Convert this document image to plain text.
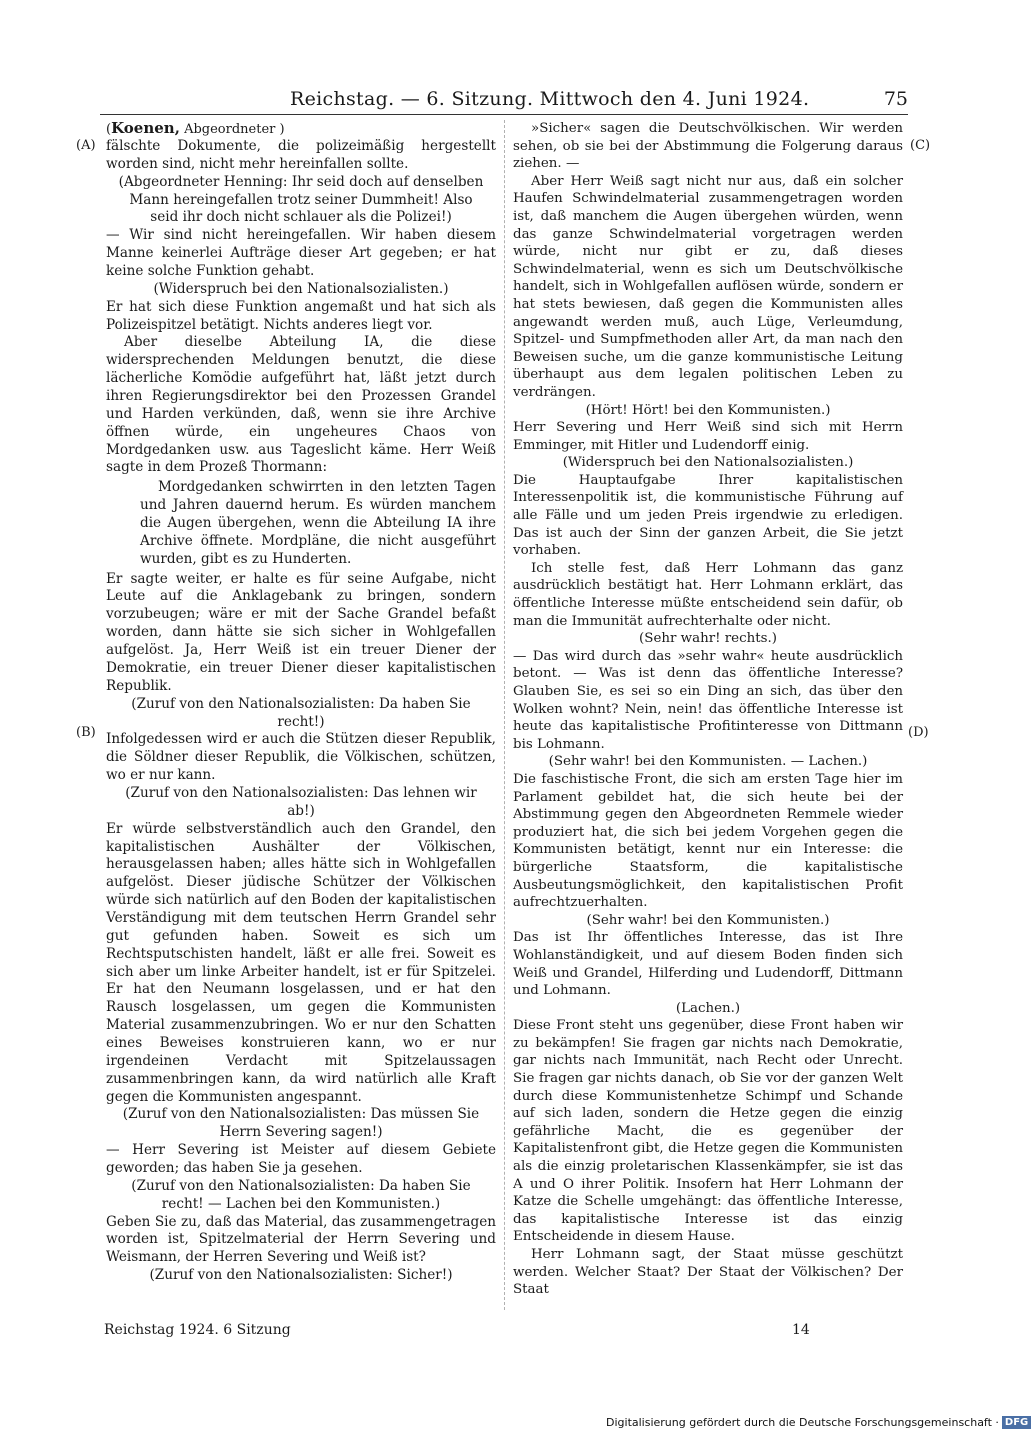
Reichstag. — 6. Sitzung. Mittwoch den 4. Juni 1924.	75
(A)
(B)
(C)
(D)

(Koenen, Abgeordneter )

fälschte Dokumente, die polizeimäßig hergestellt worden sind, nicht mehr hereinfallen sollte.

(Abgeordneter Henning: Ihr seid doch auf denselben Mann hereingefallen trotz seiner Dummheit! Also seid ihr doch nicht schlauer als die Polizei!)

— Wir sind nicht hereingefallen. Wir haben diesem Manne keinerlei Aufträge dieser Art gegeben; er hat keine solche Funktion gehabt.

(Widerspruch bei den Nationalsozialisten.)

Er hat sich diese Funktion angemaßt und hat sich als Polizeispitzel betätigt. Nichts anderes liegt vor.

Aber dieselbe Abteilung IA, die diese widersprechenden Meldungen benutzt, die diese lächerliche Komödie aufgeführt hat, läßt jetzt durch ihren Regierungsdirektor bei den Prozessen Grandel und Harden verkünden, daß, wenn sie ihre Archive öffnen würde, ein ungeheures Chaos von Mordgedanken usw. aus Tageslicht käme. Herr Weiß sagte in dem Prozeß Thormann:

Mordgedanken schwirrten in den letzten Tagen und Jahren dauernd herum. Es würden manchem die Augen übergehen, wenn die Abteilung IA ihre Archive öffnete. Mordpläne, die nicht ausgeführt wurden, gibt es zu Hunderten.

Er sagte weiter, er halte es für seine Aufgabe, nicht Leute auf die Anklagebank zu bringen, sondern vorzubeugen; wäre er mit der Sache Grandel befaßt worden, dann hätte sie sich sicher in Wohlgefallen aufgelöst. Ja, Herr Weiß ist ein treuer Diener der Demokratie, ein treuer Diener dieser kapitalistischen Republik.

(Zuruf von den Nationalsozialisten: Da haben Sie recht!)

Infolgedessen wird er auch die Stützen dieser Republik, die Söldner dieser Republik, die Völkischen, schützen, wo er nur kann.

(Zuruf von den Nationalsozialisten: Das lehnen wir ab!)

Er würde selbstverständlich auch den Grandel, den kapitalistischen Aushälter der Völkischen, herausgelassen haben; alles hätte sich in Wohlgefallen aufgelöst. Dieser jüdische Schützer der Völkischen würde sich natürlich auf den Boden der kapitalistischen Verständigung mit dem teutschen Herrn Grandel sehr gut gefunden haben. Soweit es sich um Rechtsputschisten handelt, läßt er alle frei. Soweit es sich aber um linke Arbeiter handelt, ist er für Spitzelei. Er hat den Neumann losgelassen, und er hat den Rausch losgelassen, um gegen die Kommunisten Material zusammenzubringen. Wo er nur den Schatten eines Beweises konstruieren kann, wo er nur irgendeinen Verdacht mit Spitzelaussagen zusammenbringen kann, da wird natürlich alle Kraft gegen die Kommunisten angespannt.

(Zuruf von den Nationalsozialisten: Das müssen Sie Herrn Severing sagen!)

— Herr Severing ist Meister auf diesem Gebiete geworden; das haben Sie ja gesehen.

(Zuruf von den Nationalsozialisten: Da haben Sie recht! — Lachen bei den Kommunisten.)

Geben Sie zu, daß das Material, das zusammengetragen worden ist, Spitzelmaterial der Herrn Severing und Weismann, der Herren Severing und Weiß ist?

(Zuruf von den Nationalsozialisten: Sicher!)

»Sicher« sagen die Deutschvölkischen. Wir werden sehen, ob sie bei der Abstimmung die Folgerung daraus ziehen. —

Aber Herr Weiß sagt nicht nur aus, daß ein solcher Haufen Schwindelmaterial zusammengetragen worden ist, daß manchem die Augen übergehen würden, wenn das ganze Schwindelmaterial vorgetragen werden würde, nicht nur gibt er zu, daß dieses Schwindelmaterial, wenn es sich um Deutschvölkische handelt, sich in Wohlgefallen auflösen würde, sondern er hat stets bewiesen, daß gegen die Kommunisten alles angewandt werden muß, auch Lüge, Verleumdung, Spitzel- und Sumpfmethoden aller Art, da man nach den Beweisen suche, um die ganze kommunistische Leitung überhaupt aus dem legalen politischen Leben zu verdrängen.

(Hört! Hört! bei den Kommunisten.)

Herr Severing und Herr Weiß sind sich mit Herrn Emminger, mit Hitler und Ludendorff einig.

(Widerspruch bei den Nationalsozialisten.)

Die Hauptaufgabe Ihrer kapitalistischen Interessenpolitik ist, die kommunistische Führung auf alle Fälle und um jeden Preis irgendwie zu erledigen. Das ist auch der Sinn der ganzen Arbeit, die Sie jetzt vorhaben.

Ich stelle fest, daß Herr Lohmann das ganz ausdrücklich bestätigt hat. Herr Lohmann erklärt, das öffentliche Interesse müßte entscheidend sein dafür, ob man die Immunität aufrechterhalte oder nicht.

(Sehr wahr! rechts.)

— Das wird durch das »sehr wahr« heute ausdrücklich betont. — Was ist denn das öffentliche Interesse? Glauben Sie, es sei so ein Ding an sich, das über den Wolken wohnt? Nein, nein! das öffentliche Interesse ist heute das kapitalistische Profitinteresse von Dittmann bis Lohmann.

(Sehr wahr! bei den Kommunisten. — Lachen.)

Die faschistische Front, die sich am ersten Tage hier im Parlament gebildet hat, die sich heute bei der Abstimmung gegen den Abgeordneten Remmele wieder produziert hat, die sich bei jedem Vorgehen gegen die Kommunisten betätigt, kennt nur ein Interesse: die bürgerliche Staatsform, die kapitalistische Ausbeutungsmöglichkeit, den kapitalistischen Profit aufrechtzuerhalten.

(Sehr wahr! bei den Kommunisten.)

Das ist Ihr öffentliches Interesse, das ist Ihre Wohlanständigkeit, und auf diesem Boden finden sich Weiß und Grandel, Hilferding und Ludendorff, Dittmann und Lohmann.

(Lachen.)

Diese Front steht uns gegenüber, diese Front haben wir zu bekämpfen! Sie fragen gar nichts nach Demokratie, gar nichts nach Immunität, nach Recht oder Unrecht. Sie fragen gar nichts danach, ob Sie vor der ganzen Welt durch diese Kommunistenhetze Schimpf und Schande auf sich laden, sondern die Hetze gegen die einzig gefährliche Macht, die es gegenüber der Kapitalistenfront gibt, die Hetze gegen die Kommunisten als die einzig proletarischen Klassenkämpfer, sie ist das A und O ihrer Politik. Insofern hat Herr Lohmann der Katze die Schelle umgehängt: das öffentliche Interesse, das kapitalistische Interesse ist das einzig Entscheidende in diesem Hause.

Herr Lohmann sagt, der Staat müsse geschützt werden. Welcher Staat? Der Staat der Völkischen? Der Staat

Reichstag 1924. 6 Sitzung	14
Digitalisierung gefördert durch die Deutsche Forschungsgemeinschaft · DFG
